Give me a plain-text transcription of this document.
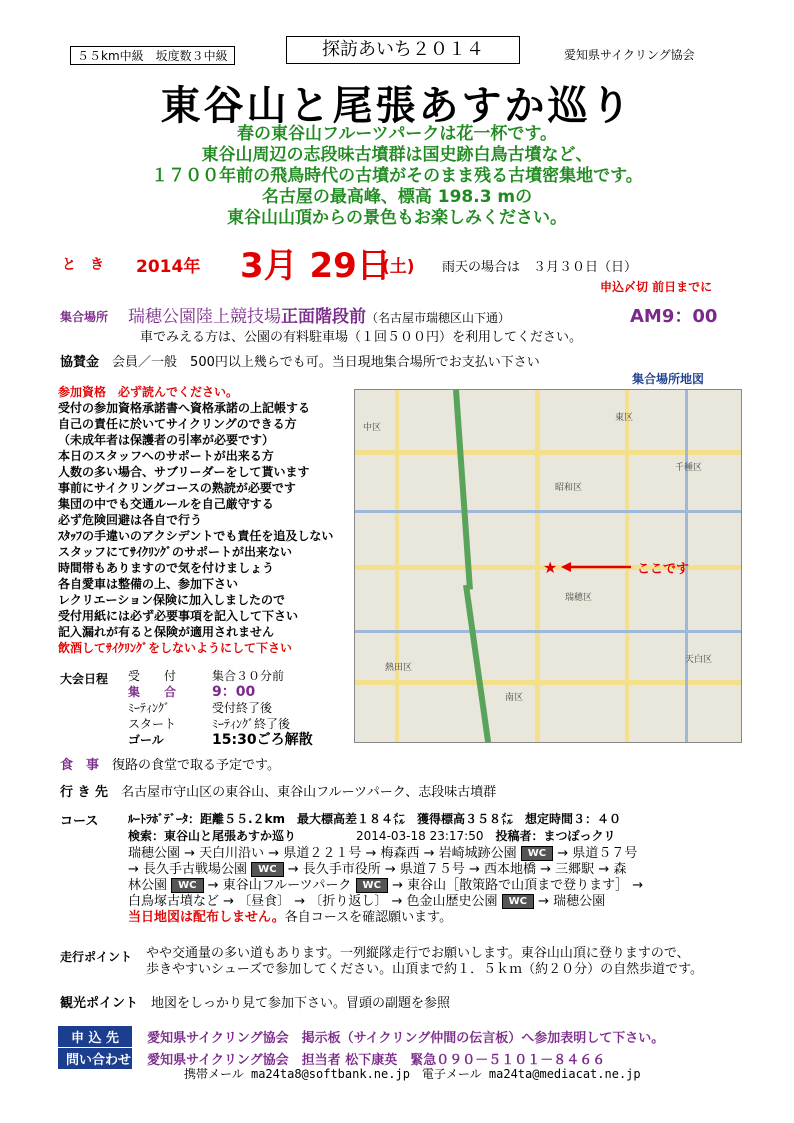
５５km中級　坂度数３中級	探訪あいち２０１４	愛知県サイクリング協会
東谷山と尾張あすか巡り
春の東谷山フルーツパークは花一杯です。
東谷山周辺の志段味古墳群は国史跡白鳥古墳など、
１７００年前の飛鳥時代の古墳がそのまま残る古墳密集地です。
名古屋の最高峰、標高 198.3 mの
東谷山山頂からの景色もお楽しみください。
と　き 2014年 3月 29日
(土) 雨天の場合は　３月３０日（日）
申込〆切 前日までに
集合場所 瑞穂公園陸上競技場正面階段前（名古屋市瑞穂区山下通）	AM9：00
車でみえる方は、公園の有料駐車場（１回５００円）を利用してください。
協賛金　 会員／一般　500円以上幾らでも可。当日現地集合場所でお支払い下さい
参加資格　 必ず読んでください。
受付の参加資格承諾書へ資格承諾の上記帳する
自己の責任に於いてサイクリングのできる方
（未成年者は保護者の引率が必要です）
本日のスタッフへのサポートが出来る方
人数の多い場合、サブリーダーをして貰います
事前にサイクリングコースの熟読が必要です
集団の中でも交通ルールを自己厳守する
必ず危険回避は各自で行う
ｽﾀｯﾌの手違いのアクシデントでも責任を追及しない
スタッフにてｻｲｸﾘﾝｸﾞのサポートが出来ない
時間帯もありますので気を付けましょう
各自愛車は整備の上、参加下さい
レクリエーション保険に加入しましたので
受付用紙には必ず必要事項を記入して下さい
記入漏れが有ると保険が適用されません
飲酒してｻｲｸﾘﾝｸﾞをしないようにして下さい
集合場所地図
中区
昭和区
瑞穂区
南区
熱田区
天白区
東区
千種区
★	ここです
大会日程 受　　付	集合３０分前
集　　合	9：00
ﾐｰﾃｨﾝｸﾞ	受付終了後
スタート	ﾐｰﾃｨﾝｸﾞ終了後
ゴール	15:30ごろ解散
食　事　 復路の食堂で取る予定です。
行 き 先　 名古屋市守山区の東谷山、東谷山フルーツパーク、志段味古墳群
コース ﾙｰﾄﾗﾎﾞﾃﾞｰﾀ：距離５５.２km　最大標高差１８４㍍　獲得標高３５８㍍　想定時間３：４０
検索：東谷山と尾張あすか巡り　　　　　	2014-03-18 23:17:50　 投稿者：まつぽっクリ
瑞穂公園 → 天白川沿い → 県道２２１号 → 梅森西 → 岩崎城跡公園 WC → 県道５７号
→ 長久手古戦場公園 WC → 長久手市役所 → 県道７５号 → 西本地橋 → 三郷駅 → 森
林公園 WC → 東谷山フルーツパーク WC → 東谷山［散策路で山頂まで登ります］ →
白鳥塚古墳など → 〔昼食〕 → 〔折り返し〕 → 色金山歴史公園 WC → 瑞穂公園
当日地図は配布しません。各自コースを確認願います。
走行ポイント やや交通量の多い道もあります。一列縦隊走行でお願いします。東谷山山頂に登りますので、
歩きやすいシューズで参加してください。山頂まで約１．５ｋｍ（約２０分）の自然歩道です。
観光ポイント　 地図をしっかり見て参加下さい。冒頭の副題を参照
申 込 先 愛知県サイクリング協会　掲示板（サイクリング仲間の伝言板）へ参加表明して下さい。
問い合わせ 愛知県サイクリング協会　担当者 松下康英　緊急０９０－５１０１－８４６６
携帯メール ma24ta8@softbank.ne.jp　電子メール ma24ta@mediacat.ne.jp
